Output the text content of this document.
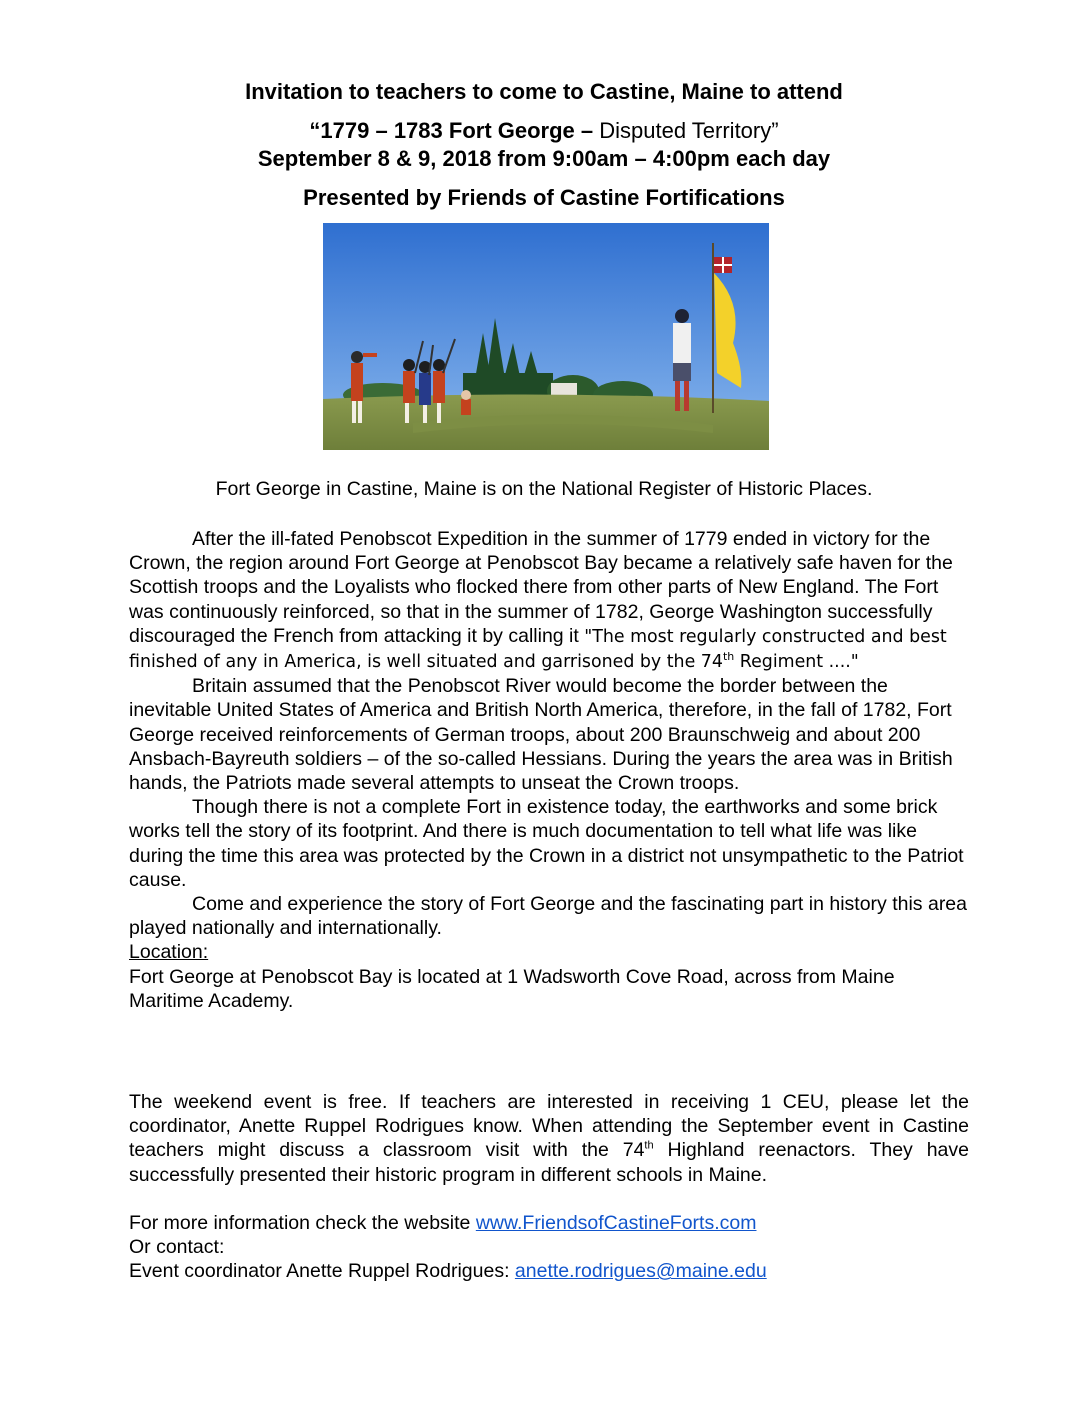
Invitation to teachers to come to Castine, Maine to attend

“1779 – 1783 Fort George – Disputed Territory”

September 8 & 9, 2018 from 9:00am – 4:00pm each day

Presented by Friends of Castine Fortifications

Fort George in Castine, Maine is on the National Register of Historic Places.

After the ill-fated Penobscot Expedition in the summer of 1779 ended in victory for the Crown, the region around Fort George at Penobscot Bay became a relatively safe haven for the Scottish troops and the Loyalists who flocked there from other parts of New England. The Fort was continuously reinforced, so that in the summer of 1782, George Washington successfully discouraged the French from attacking it by calling it "The most regularly constructed and best finished of any in America, is well situated and garrisoned by the 74th Regiment ...."

Britain assumed that the Penobscot River would become the border between the inevitable United States of America and British North America, therefore, in the fall of 1782, Fort George received reinforcements of German troops, about 200 Braunschweig and about 200 Ansbach-Bayreuth soldiers – of the so-called Hessians. During the years the area was in British hands, the Patriots made several attempts to unseat the Crown troops.

Though there is not a complete Fort in existence today, the earthworks and some brick works tell the story of its footprint. And there is much documentation to tell what life was like during the time this area was protected by the Crown in a district not unsympathetic to the Patriot cause.

Come and experience the story of Fort George and the fascinating part in history this area played nationally and internationally.

Location:

Fort George at Penobscot Bay is located at 1 Wadsworth Cove Road, across from Maine Maritime Academy.

The weekend event is free. If teachers are interested in receiving 1 CEU, please let the coordinator, Anette Ruppel Rodrigues know. When attending the September event in Castine teachers might discuss a classroom visit with the 74th Highland reenactors. They have successfully presented their historic program in different schools in Maine.

For more information check the website www.FriendsofCastineForts.com

Or contact:

Event coordinator Anette Ruppel Rodrigues: anette.rodrigues@maine.edu
